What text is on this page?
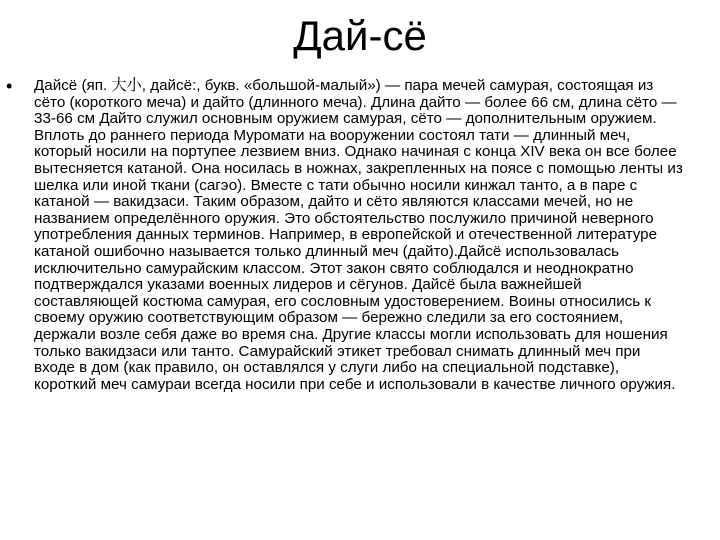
Дай-сё
• Дайсё (яп. 大小, дайсё:, букв. «большой-малый») — пара мечей самурая, состоящая из сёто (короткого меча) и дайто (длинного меча). Длина дайто — более 66 см, длина сёто — 33-66 см Дайто служил основным оружием самурая, сёто — дополнительным оружием. Вплоть до раннего периода Муромати на вооружении состоял тати — длинный меч, который носили на портупее лезвием вниз. Однако начиная с конца XIV века он все более вытесняется катаной. Она носилась в ножнах, закрепленных на поясе с помощью ленты из шелка или иной ткани (сагэо). Вместе с тати обычно носили кинжал танто, а в паре с катаной — вакидзаси. Таким образом, дайто и сёто являются классами мечей, но не названием определённого оружия. Это обстоятельство послужило причиной неверного употребления данных терминов. Например, в европейской и отечественной литературе катаной ошибочно называется только длинный меч (дайто).Дайсё использовалась исключительно самурайским классом. Этот закон свято соблюдался и неоднократно подтверждался указами военных лидеров и сёгунов. Дайсё была важнейшей составляющей костюма самурая, его сословным удостоверением. Воины относились к своему оружию соответствующим образом — бережно следили за его состоянием, держали возле себя даже во время сна. Другие классы могли использовать для ношения только вакидзаси или танто. Самурайский этикет требовал снимать длинный меч при входе в дом (как правило, он оставлялся у слуги либо на специальной подставке), короткий меч самураи всегда носили при себе и использовали в качестве личного оружия.
